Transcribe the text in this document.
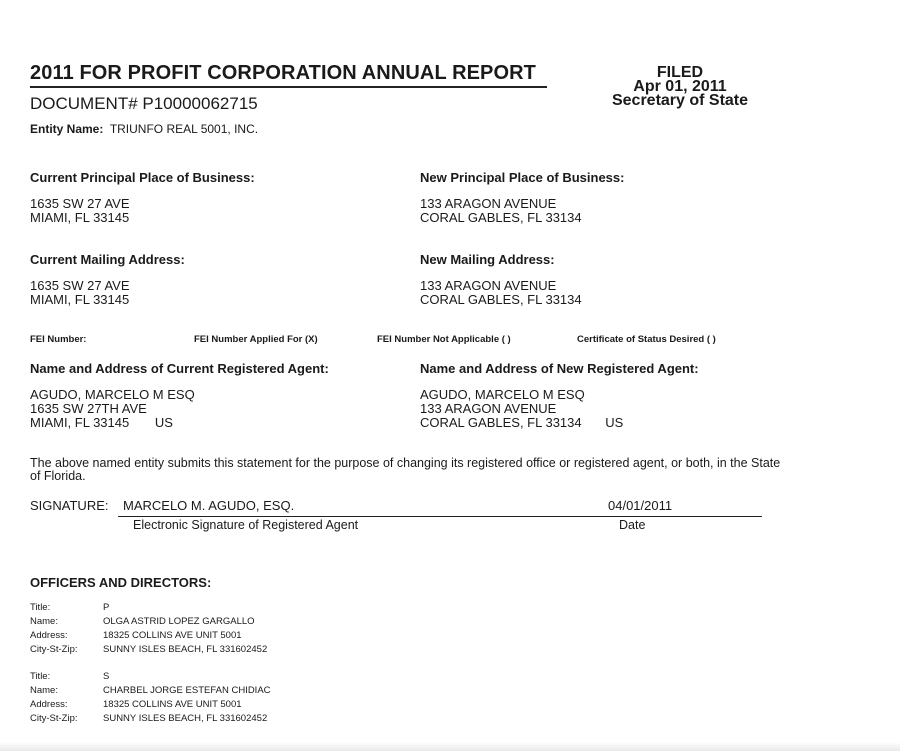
2011 FOR PROFIT CORPORATION ANNUAL REPORT
DOCUMENT# P10000062715
FILED
Apr 01, 2011
Secretary of State
Entity Name: TRIUNFO REAL 5001, INC.
Current Principal Place of Business:
1635 SW 27 AVE
MIAMI, FL 33145
New Principal Place of Business:
133 ARAGON AVENUE
CORAL GABLES, FL 33134
Current Mailing Address:
1635 SW 27 AVE
MIAMI, FL 33145
New Mailing Address:
133 ARAGON AVENUE
CORAL GABLES, FL 33134
FEI Number:	FEI Number Applied For (X)	FEI Number Not Applicable ( )	Certificate of Status Desired ( )
Name and Address of Current Registered Agent:
AGUDO, MARCELO M ESQ
1635 SW 27TH AVE
MIAMI, FL 33145 US
Name and Address of New Registered Agent:
AGUDO, MARCELO M ESQ
133 ARAGON AVENUE
CORAL GABLES, FL 33134 US
The above named entity submits this statement for the purpose of changing its registered office or registered agent, or both, in the State of Florida.
SIGNATURE: MARCELO M. AGUDO, ESQ.	04/01/2011
Electronic Signature of Registered Agent	Date
OFFICERS AND DIRECTORS:
Title:	P
Name:	OLGA ASTRID LOPEZ GARGALLO
Address:	18325 COLLINS AVE UNIT 5001
City-St-Zip:	SUNNY ISLES BEACH, FL 331602452
Title:	S
Name:	CHARBEL JORGE ESTEFAN CHIDIAC
Address:	18325 COLLINS AVE UNIT 5001
City-St-Zip:	SUNNY ISLES BEACH, FL 331602452
